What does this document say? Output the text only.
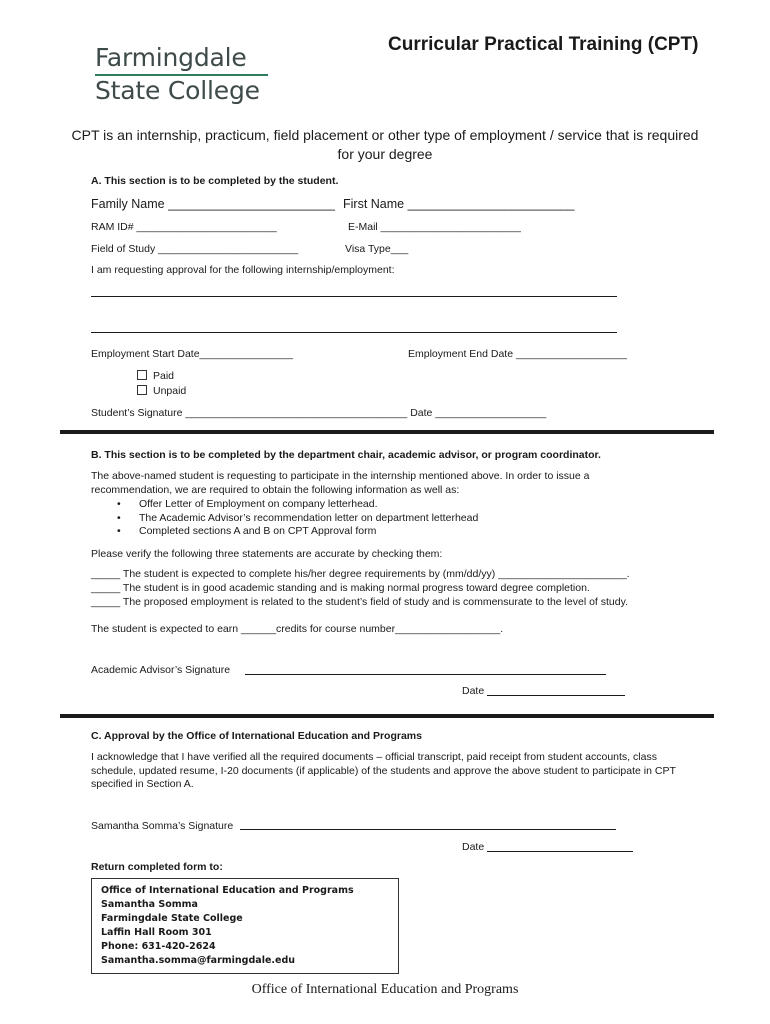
Farmingdale
State College
Curricular Practical Training (CPT)
CPT is an internship, practicum, field placement or other type of employment / service that is required for your degree
A. This section is to be completed by the student.
Family Name ________________________ First Name ________________________
RAM ID# ________________________	E-Mail ________________________
Field of Study ________________________	Visa Type___
I am requesting approval for the following internship/employment:
Employment Start Date________________	Employment End Date ___________________
Paid
Unpaid
Student’s Signature ______________________________________ Date ___________________
B. This section is to be completed by the department chair, academic advisor, or program coordinator.
The above-named student is requesting to participate in the internship mentioned above. In order to issue a recommendation, we are required to obtain the following information as well as:
• Offer Letter of Employment on company letterhead.
• The Academic Advisor’s recommendation letter on department letterhead
• Completed sections A and B on CPT Approval form
Please verify the following three statements are accurate by checking them:
_____ The student is expected to complete his/her degree requirements by (mm/dd/yy) ______________________.
_____ The student is in good academic standing and is making normal progress toward degree completion.
_____ The proposed employment is related to the student’s field of study and is commensurate to the level of study.
The student is expected to earn ______credits for course number__________________.
Academic Advisor’s Signature
Date
C. Approval by the Office of International Education and Programs
I acknowledge that I have verified all the required documents – official transcript, paid receipt from student accounts, class schedule, updated resume, I-20 documents (if applicable) of the students and approve the above student to participate in CPT specified in Section A.
Samantha Somma’s Signature
Date
Return completed form to:
Office of International Education and Programs
Samantha Somma
Farmingdale State College
Laffin Hall Room 301
Phone: 631-420-2624
Samantha.somma@farmingdale.edu
Office of International Education and Programs
